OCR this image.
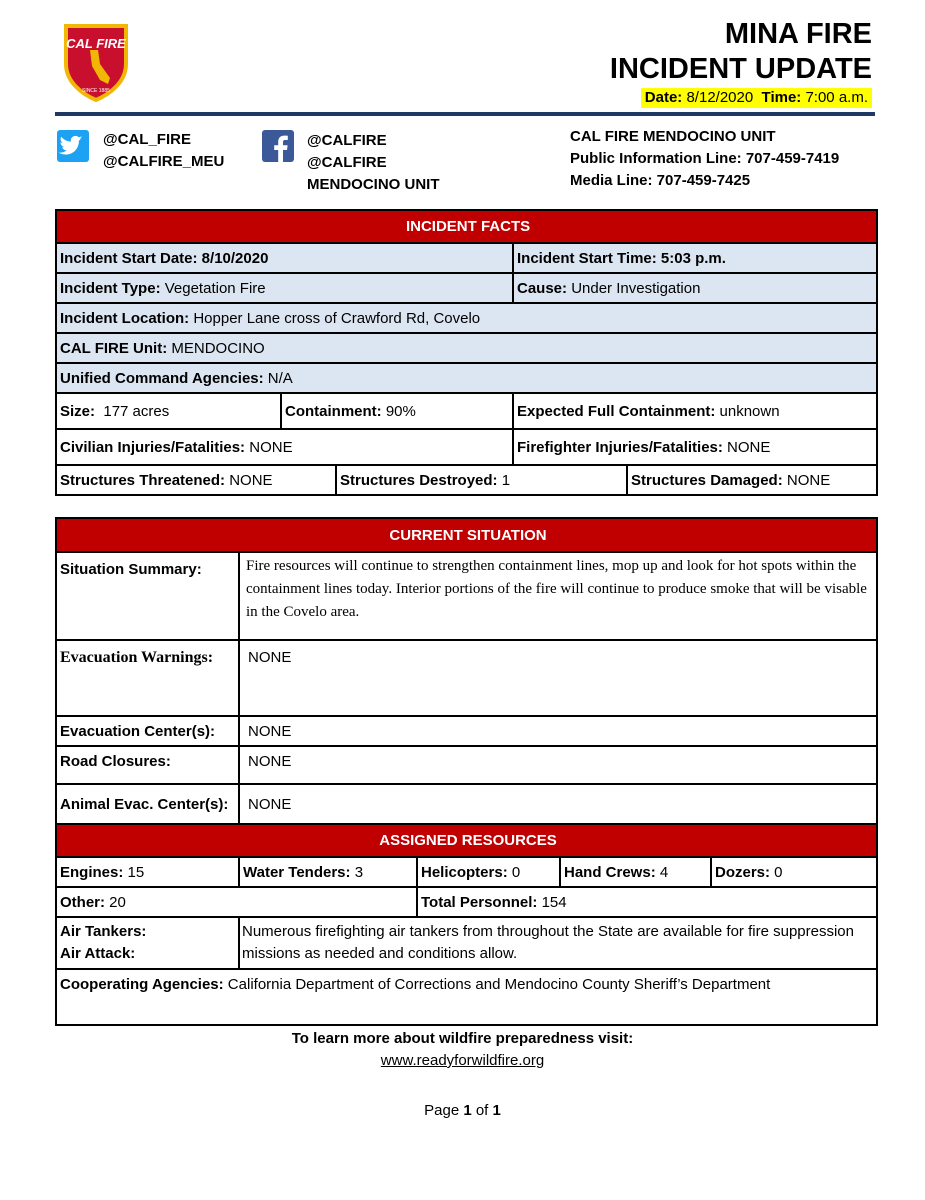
CAL FIRE
SINCE 1885
MINA FIRE
INCIDENT UPDATE
Date: 8/12/2020 Time: 7:00 a.m.
@CAL_FIRE
@CALFIRE_MEU
@CALFIRE
@CALFIRE
MENDOCINO UNIT
CAL FIRE MENDOCINO UNIT
Public Information Line: 707-459-7419
Media Line: 707-459-7425
INCIDENT FACTS				
Incident Start Date: 8/10/2020			Incident Start Time: 5:03 p.m.	
Incident Type: Vegetation Fire			Cause: Under Investigation	
Incident Location: Hopper Lane cross of Crawford Rd, Covelo				
CAL FIRE Unit: MENDOCINO				
Unified Command Agencies: N/A				
Size:  177 acres	Containment: 90%		Expected Full Containment: unknown	
Civilian Injuries/Fatalities: NONE			Firefighter Injuries/Fatalities: NONE	
Structures Threatened: NONE		Structures Destroyed: 1		Structures Damaged: NONE
CURRENT SITUATION				
Situation Summary:	Fire resources will continue to strengthen containment lines, mop up and look for hot spots within the containment lines today. Interior portions of the fire will continue to produce smoke that will be visable in the Covelo area.			
Evacuation Warnings:	NONE			
Evacuation Center(s):	NONE			
Road Closures:	NONE			
Animal Evac. Center(s):	NONE			
ASSIGNED RESOURCES				
Engines: 15	Water Tenders: 3	Helicopters: 0	Hand Crews: 4	Dozers: 0
Other: 20		Total Personnel: 154		

Air Tankers:
Air Attack:	Numerous firefighting air tankers from throughout the State are available for fire suppression missions as needed and conditions allow.			
Cooperating Agencies: California Department of Corrections and Mendocino County Sheriff’s Department				
To learn more about wildfire preparedness visit:
www.readyforwildfire.org
Page 1 of 1
